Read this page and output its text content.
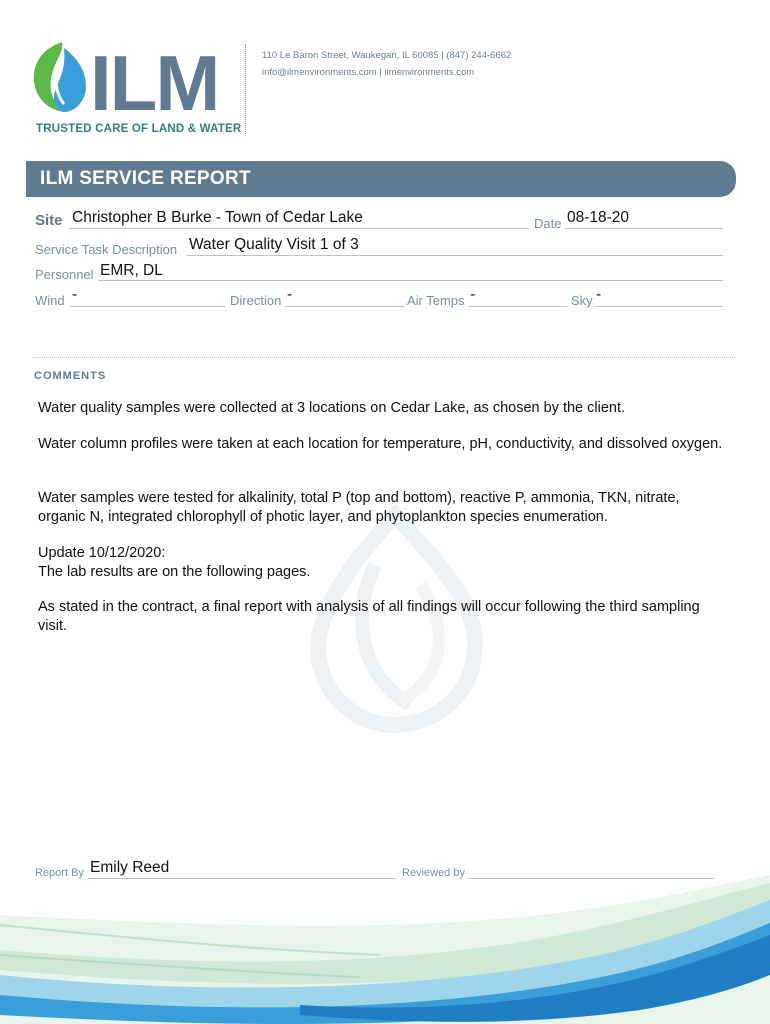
ILM
TRUSTED CARE OF LAND & WATER
110 Le Baron Street, Waukegan, IL 60085 | (847) 244-6662
info@ilmenvironments.com | ilmenvironments.com
ILM SERVICE REPORT
Site Christopher B Burke - Town of Cedar Lake	Date 08-18-20
Service Task Description Water Quality Visit 1 of 3
Personnel EMR, DL
Wind -	Direction -	Air Temps -	Sky -
COMMENTS
Water quality samples were collected at 3 locations on Cedar Lake, as chosen by the client.
Water column profiles were taken at each location for temperature, pH, conductivity, and dissolved oxygen.
Water samples were tested for alkalinity, total P (top and bottom), reactive P, ammonia, TKN, nitrate, organic N, integrated chlorophyll of photic layer, and phytoplankton species enumeration.
Update 10/12/2020:
The lab results are on the following pages.
As stated in the contract, a final report with analysis of all findings will occur following the third sampling visit.
Report By Emily Reed	Reviewed by
